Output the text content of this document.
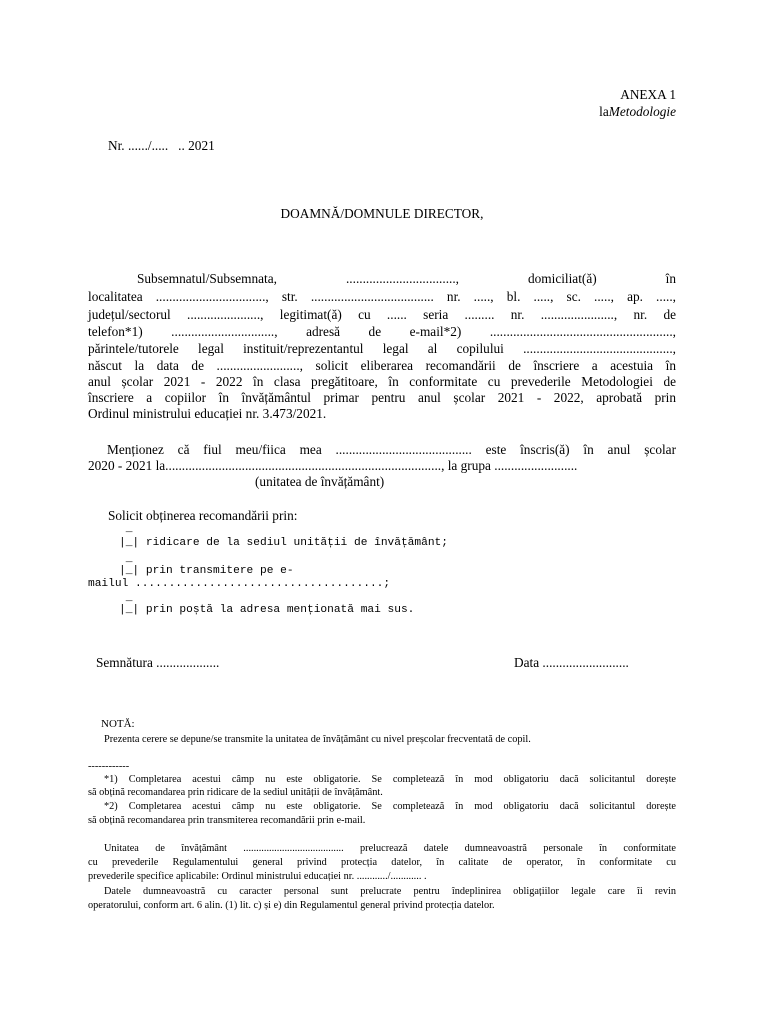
ANEXA 1
laMetodologie
Nr. ....../.....   .. 2021
DOAMNĂ/DOMNULE DIRECTOR,
Subsemnatul/Subsemnata, ................................., domiciliat(ă) în
localitatea ................................., str. ..................................... nr. ....., bl. ....., sc. ....., ap. .....,
județul/sectorul ......................, legitimat(ă) cu ...... seria ......... nr. ......................, nr. de
telefon*1) ..............................., adresă de e-mail*2) .......................................................,
părintele/tutorele legal instituit/reprezentantul legal al copilului .............................................,
născut la data de ........................., solicit eliberarea recomandării de înscriere a acestuia în
anul școlar 2021 - 2022 în clasa pregătitoare, în conformitate cu prevederile Metodologiei de
înscriere a copiilor în învățământul primar pentru anul școlar 2021 - 2022, aprobată prin
Ordinul ministrului educației nr. 3.473/2021.
Menționez că fiul meu/fiica mea ......................................... este înscris(ă) în anul școlar
2020 - 2021 la..................................................................................., la grupa .........................
(unitatea de învățământ)
Solicit obținerea recomandării prin:
_
|_| ridicare de la sediul unității de învățământ;
_
|_| prin transmitere pe e-
mailul .....................................;
_
|_| prin poștă la adresa menționată mai sus.
Semnătura ...................	Data ..........................
NOTĂ:
Prezenta cerere se depune/se transmite la unitatea de învățământ cu nivel preșcolar frecventată de copil.
------------
*1) Completarea acestui câmp nu este obligatorie. Se completează în mod obligatoriu dacă solicitantul dorește
să obțină recomandarea prin ridicare de la sediul unității de învățământ.
*2) Completarea acestui câmp nu este obligatorie. Se completează în mod obligatoriu dacă solicitantul dorește
să obțină recomandarea prin transmiterea recomandării prin e-mail.
Unitatea de învățământ ....................................... prelucrează datele dumneavoastră personale în conformitate
cu prevederile Regulamentului general privind protecția datelor, în calitate de operator, în conformitate cu
prevederile specifice aplicabile: Ordinul ministrului educației nr. ............/............ .
Datele dumneavoastră cu caracter personal sunt prelucrate pentru îndeplinirea obligațiilor legale care îi revin
operatorului, conform art. 6 alin. (1) lit. c) și e) din Regulamentul general privind protecția datelor.
